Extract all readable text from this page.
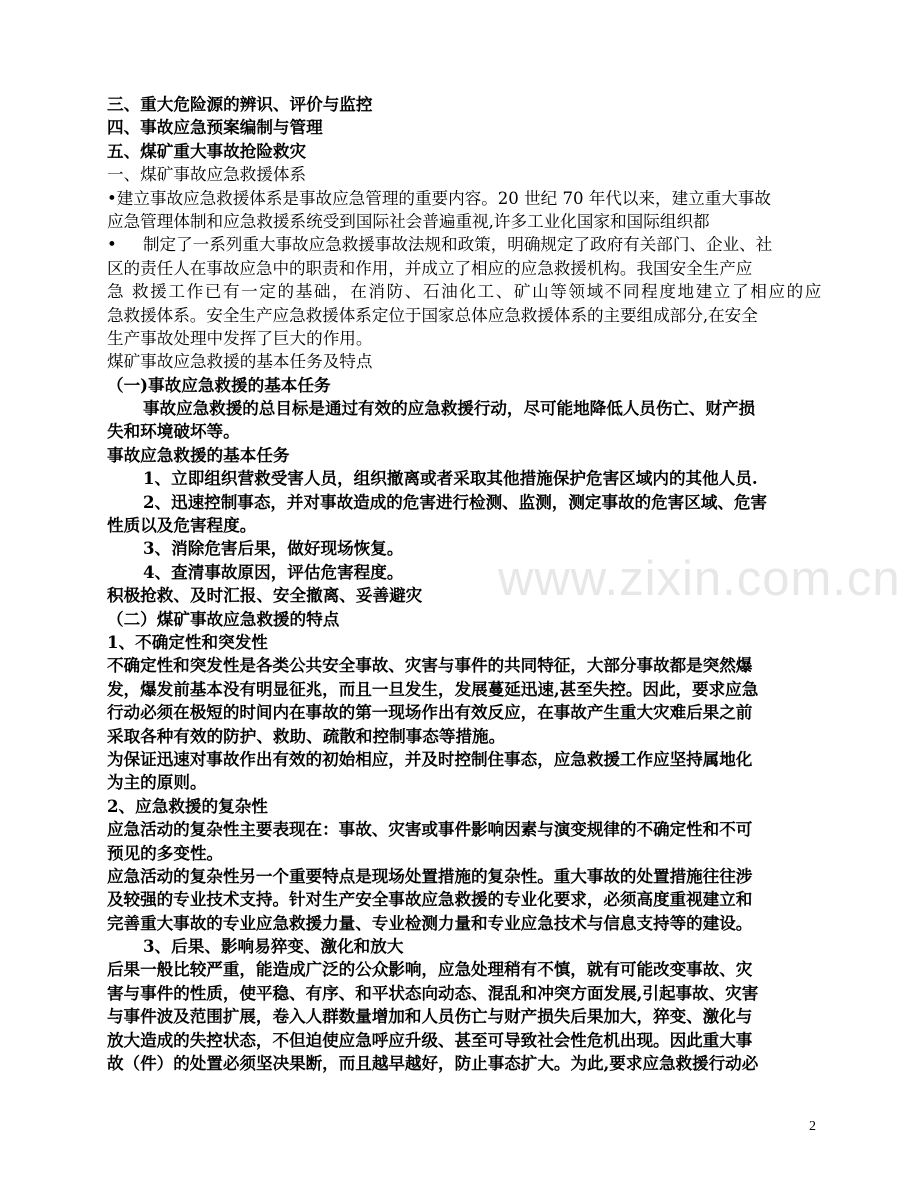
www.zixin.com.cn
三、重大危险源的辨识、评价与监控
四、事故应急预案编制与管理
五、煤矿重大事故抢险救灾
一、煤矿事故应急救援体系
•建立事故应急救援体系是事故应急管理的重要内容。20 世纪 70 年代以来，建立重大事故
应急管理体制和应急救援系统受到国际社会普遍重视,许多工业化国家和国际组织都
• 制定了一系列重大事故应急救援事故法规和政策，明确规定了政府有关部门、企业、社
区的责任人在事故应急中的职责和作用，并成立了相应的应急救援机构。我国安全生产应
急 救援工作已有一定的基础，在消防、石油化工、矿山等领域不同程度地建立了相应的应
急救援体系。安全生产应急救援体系定位于国家总体应急救援体系的主要组成部分,在安全
生产事故处理中发挥了巨大的作用。
煤矿事故应急救援的基本任务及特点
（一)事故应急救援的基本任务
事故应急救援的总目标是通过有效的应急救援行动，尽可能地降低人员伤亡、财产损
失和环境破坏等。
事故应急救援的基本任务
1、立即组织营救受害人员，组织撤离或者采取其他措施保护危害区域内的其他人员.
2、迅速控制事态，并对事故造成的危害进行检测、监测，测定事故的危害区域、危害
性质以及危害程度。
3、消除危害后果，做好现场恢复。
4、查清事故原因，评估危害程度。
积极抢救、及时汇报、安全撤离、妥善避灾
（二）煤矿事故应急救援的特点
1、不确定性和突发性
不确定性和突发性是各类公共安全事故、灾害与事件的共同特征，大部分事故都是突然爆
发，爆发前基本没有明显征兆，而且一旦发生，发展蔓延迅速,甚至失控。因此，要求应急
行动必须在极短的时间内在事故的第一现场作出有效反应，在事故产生重大灾难后果之前
采取各种有效的防护、救助、疏散和控制事态等措施。
为保证迅速对事故作出有效的初始相应，并及时控制住事态，应急救援工作应坚持属地化
为主的原则。
2、应急救援的复杂性
应急活动的复杂性主要表现在：事故、灾害或事件影响因素与演变规律的不确定性和不可
预见的多变性。
应急活动的复杂性另一个重要特点是现场处置措施的复杂性。重大事故的处置措施往往涉
及较强的专业技术支持。针对生产安全事故应急救援的专业化要求，必须高度重视建立和
完善重大事故的专业应急救援力量、专业检测力量和专业应急技术与信息支持等的建设。
3、后果、影响易猝变、激化和放大
后果一般比较严重，能造成广泛的公众影响，应急处理稍有不慎，就有可能改变事故、灾
害与事件的性质，使平稳、有序、和平状态向动态、混乱和冲突方面发展,引起事故、灾害
与事件波及范围扩展，卷入人群数量增加和人员伤亡与财产损失后果加大，猝变、激化与
放大造成的失控状态，不但迫使应急呼应升级、甚至可导致社会性危机出现。因此重大事
故（件）的处置必须坚决果断，而且越早越好，防止事态扩大。为此,要求应急救援行动必
2
